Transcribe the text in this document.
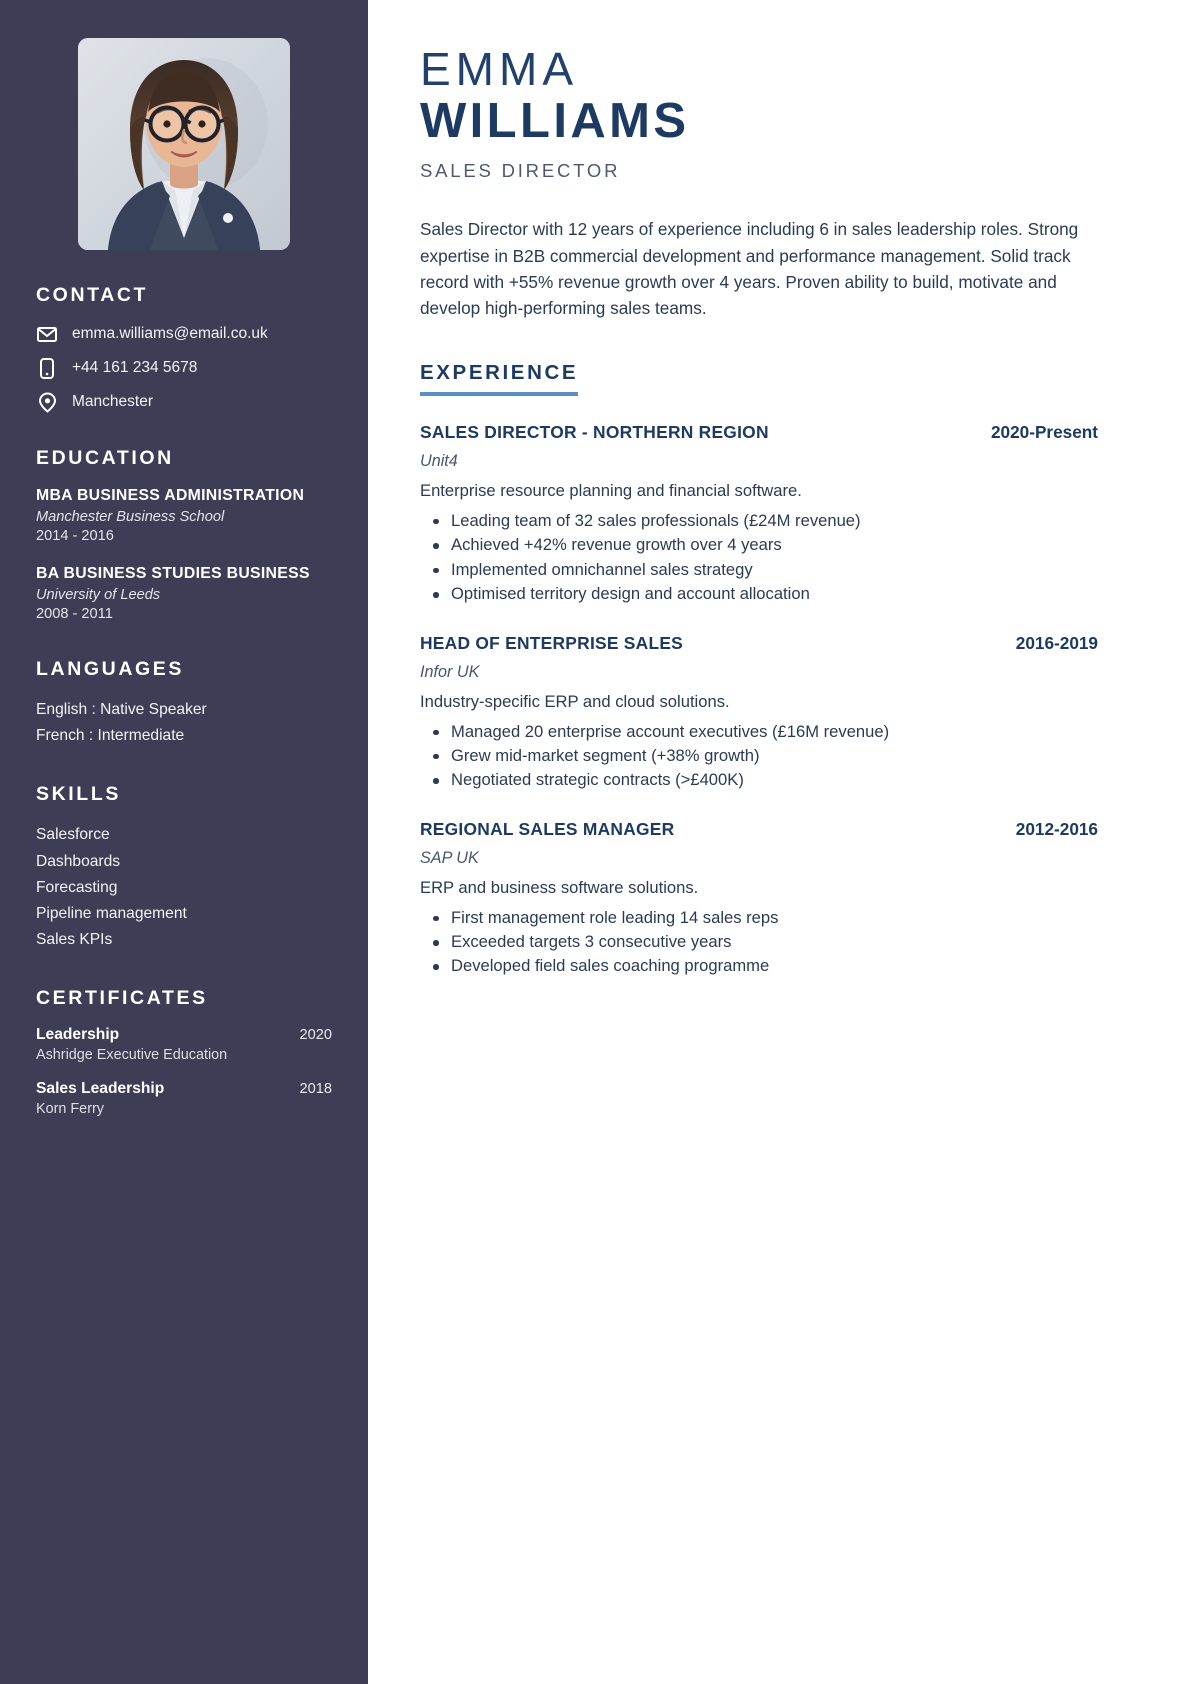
CONTACT
emma.williams@email.co.uk
+44 161 234 5678
Manchester
EDUCATION
MBA BUSINESS ADMINISTRATION
Manchester Business School
2014 - 2016
BA BUSINESS STUDIES BUSINESS
University of Leeds
2008 - 2011
LANGUAGES
English : Native Speaker
French : Intermediate
SKILLS
Salesforce
Dashboards
Forecasting
Pipeline management
Sales KPIs
CERTIFICATES
Leadership	2020
Ashridge Executive Education
Sales Leadership	2018
Korn Ferry
EMMA
WILLIAMS
SALES DIRECTOR

Sales Director with 12 years of experience including 6 in sales leadership roles. Strong expertise in B2B commercial development and performance management. Solid track record with +55% revenue growth over 4 years. Proven ability to build, motivate and develop high-performing sales teams.

EXPERIENCE
SALES DIRECTOR - NORTHERN REGION	2020-Present
Unit4
Enterprise resource planning and financial software.
Leading team of 32 sales professionals (£24M revenue)
Achieved +42% revenue growth over 4 years
Implemented omnichannel sales strategy
Optimised territory design and account allocation
HEAD OF ENTERPRISE SALES	2016-2019
Infor UK
Industry-specific ERP and cloud solutions.
Managed 20 enterprise account executives (£16M revenue)
Grew mid-market segment (+38% growth)
Negotiated strategic contracts (>£400K)
REGIONAL SALES MANAGER	2012-2016
SAP UK
ERP and business software solutions.
First management role leading 14 sales reps
Exceeded targets 3 consecutive years
Developed field sales coaching programme
